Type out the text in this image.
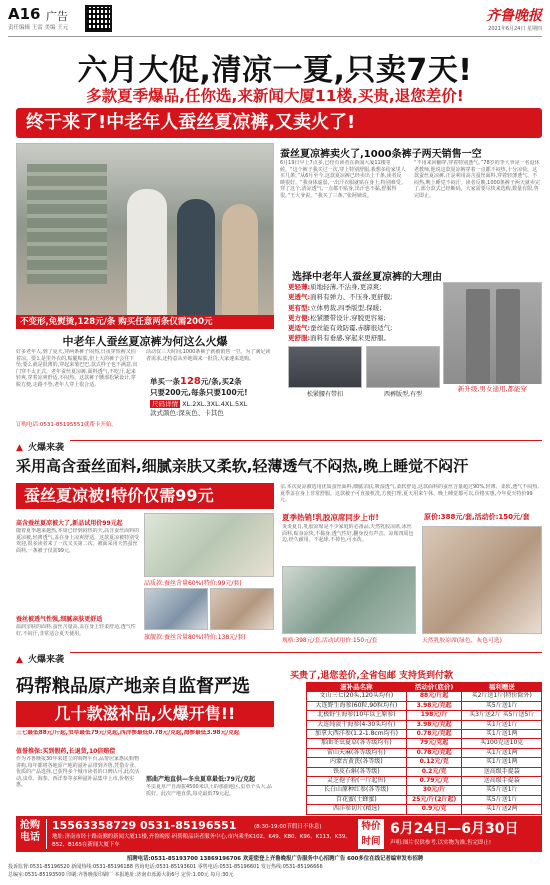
A16 广告
责任编辑 王雷 美编 王元
齐鲁晚报
2021年6月24日 星期四
六月大促,清凉一夏,只卖7天!
多款夏季爆品,任你选,来新闻大厦11楼,买贵,退您差价!
终于来了!中老年人蚕丝夏凉裤,又卖火了!
不变形,免熨烫,128元/条 购买任意两条仅需200元
蚕丝夏凉裤卖火了,1000条裤子两天销售一空
6月19日早上7点多,已经有读者在新闻大厦11楼等候。“这个裤子我买过一次,穿上特别舒服,我想多给家里人买几条。”从6月至今,这款夏凉裤已经卖出上千条,读者反映很好。“我身体虚弱,一出汗衣服就贴在身上,特别难受。穿了这个,清凉透气,一点都不贴身,出汗也不黏,舒服得很。”王大爷说。“我买了三条,”张阿姨说。
“不用来回翻穿,穿着特别透气。”78岁的李大爷是一名退休老教师,他说这款夏凉裤穿着一点都不闷热,十分凉快。这款蚕丝夏凉裤,正是利用高含蚕丝面料,穿着轻薄透气、不闷热,晚上睡觉不闷汗。读者反映,1000条裤子两天就卖完了,部分款式已经断码。大家需要尽快来选购,数量有限,售完即止。
选择中老年人蚕丝夏凉裤的大理由
更轻薄:质地轻薄,不沾身,更凉爽;
更透气:面料有弹力、不压身,更舒服;
更有型:立体剪裁,四季版型,保暖;
更方便:松紧腰带设计,穿脱更容易;
更适气:蚕丝能有效防霉,赤脚很适气;
更舒服:面料有垂感,穿起来更舒服。
新升级,男女通用,都能穿
松紧腰有带扣	西裤版型,有型
中老年人蚕丝夏凉裤为何这么火爆
好多老年人,到了夏天,穿两条裤子闷热,日夜穿短裤又怕着凉。要么是里外衣的,贴腿贴肤,但上大的裤子会往下坠;要么就是很薄的,穿起来皱巴巴,款式样子也不满意,出门穿不太正式。老年蚕丝夏凉裤,面料透气,不吃汗,起来轻爽,穿着凉爽舒适,不闷热。这款裤子腰部松紧设计,穿脱方便,走路不坠,老年人穿上很合适。
活动仅三天时间,1000条裤子就被销售一空。为了满足读者需求,还特意从外地调来一批货,大家速来选购。
单买一条128元/条,买2条
只要200元,每条只要100元!
尺码详情 XL.2XL.3XL.4XL.5XL
款式颜色:深灰色、卡其色
订购电话:0531-85195551就帮卡开始。
▲ 火爆来袭
采用高含蚕丝面料,细腻亲肤又柔软,轻薄透气不闷热,晚上睡觉不闷汗
蚕丝夏凉被!特价仅需99元	亲,本次夏凉被选用优质蚕丝面料,细腻亲肤,吸湿透气,柔软舒适,这款面料的蚕丝含量超过90%,轻薄、柔软,透气不闷热,夏季盖在身上非常舒服。这款被子可直接机洗,方便打理,夏天用来午休、晚上睡觉都可以,价格实惠,今年夏天特价99元。
高含蚕丝夏凉被大了,新品试用价99元起
随着夏季越来越热,本周已经到闷热的天,高含蚕丝面料的夏凉被,轻薄透气,盖在身上凉爽舒适。这款夏凉被特别受欢迎,很多读者来了一次又买第二次。被面采用天然蚕丝面料,一条被子仅需99元。
蚕丝被透气性强,细腻亲肤更舒适
温润亲肤的面料,蚕丝含量高,盖在身上轻柔舒适,透气性好,不闷汗,非常适合夏天使用。
品质款:蚕丝含量60%(特价:99元/套)
旗舰款:蚕丝含量80%(特价:138元/套)
夏季热销!乳胶凉席同步上市!	原价:388元/套,活动价:150元/套
炎炎夏日,乳胶凉席是不少家庭的必备品,天然乳胶凉席,冰丝面料,贴身凉快,不黏身,透气性好,翻身没有声音。凉席四周包边,经久耐用。不起球,不掉色,可水洗。
规格:398元/套,活动试用价:150元/套	天然乳胶凉席(绿色、灰色可选)
▲ 火爆来袭
码帮粮品原产地亲自监督严选
几十款滋补品,火爆开售!!
三七最低88元/斤起,虫草最低79元/克起,西洋参最低0.78元/克起,海参最低3.98元/克起
值誉推保:买到假药,长退货,10倍赔偿
作为齐鲁晚报30年来建立的购物平台,品帮居家惠民购物讲购,每年都将各地原产地的滋补品带到齐鲁,凭借专业、优质的产品选择,已获得多个城市读者的口碑认可,此次活动,虫草、海参、西洋参等多种滋补品集中上市,价格实惠。
那曲产地直供—冬虫夏草最低:79元/克起
冬虫夏草产自海拔4500米以上的那曲地区,虫草个头大,品质好。此次产地直供,每克最低79元起。
买贵了,退您差价,全省包邮 支持货到付款
滋补品名称	活动价(底价)	福利赠送
文山三七(20头,120头均有)	88元/斤起	买2斤送1斤(特价除外)
大连野生海参(60粒,90粒均有)	3.98元/克起	买5斤送1斤
北极野生海参(10年以上原参)	198元/斤	买3斤送2斤 买5斤送5斤
大连纯淡干海参(4-30头均有)	3.98元/克起	买1斤送1斤
加拿大西洋参(1.2-1.8cm均有)	0.78元/克起	买1斤送1两
那曲冬虫夏草(各等级均有)	79元/克起	买100克送10克
雷山天麻(各等级均有)	0.78元/克起	买1斤送1两
内蒙古黄芪(各等级)	0.12元/克	买1斤送1两
铁皮石斛(各等级)	0.2元/克	送高级手提袋
灵芝孢子粉(一斤起售)	0.79元/克	送高级手提袋
长白山原种红参(各等级)	30元/斤	买5斤送1斤
百花蜜(土蜂蜜)	25元/斤(2斤起)	买5斤送1斤
西洋参切片(精选)	0.9元/克	买1斤送2两
抢购电话
15563358729 0531-85196551	(8:30-19:00节假日不休息)
地址:济南市经十路南侧的新闻大厦11楼,齐鲁晚报·码帮粮品读者服务中心,市内乘坐K102、K49、K80、K96、K113、K39、B52、B165在新闻大厦下车
特价时间
6月24日—6月30日
声明:图片仅供参考,以实物为准,售完即止!
招聘电话:0531-85193700 13869196706 欢迎您登上齐鲁晚报广告服务中心招聘广告 600多位在线记者编审发布招聘
投诉监督:0531-85196520 新闻热线:0531-85196188 咨询电话:0531-85193601 零售电话:0531-85196601 发行热线:0531-85196666
总编室:0531-85193500 印刷:齐鲁晚报印刷厂 本报地址:济南市泺源大街6号 定价:1.00元 每月:30元
